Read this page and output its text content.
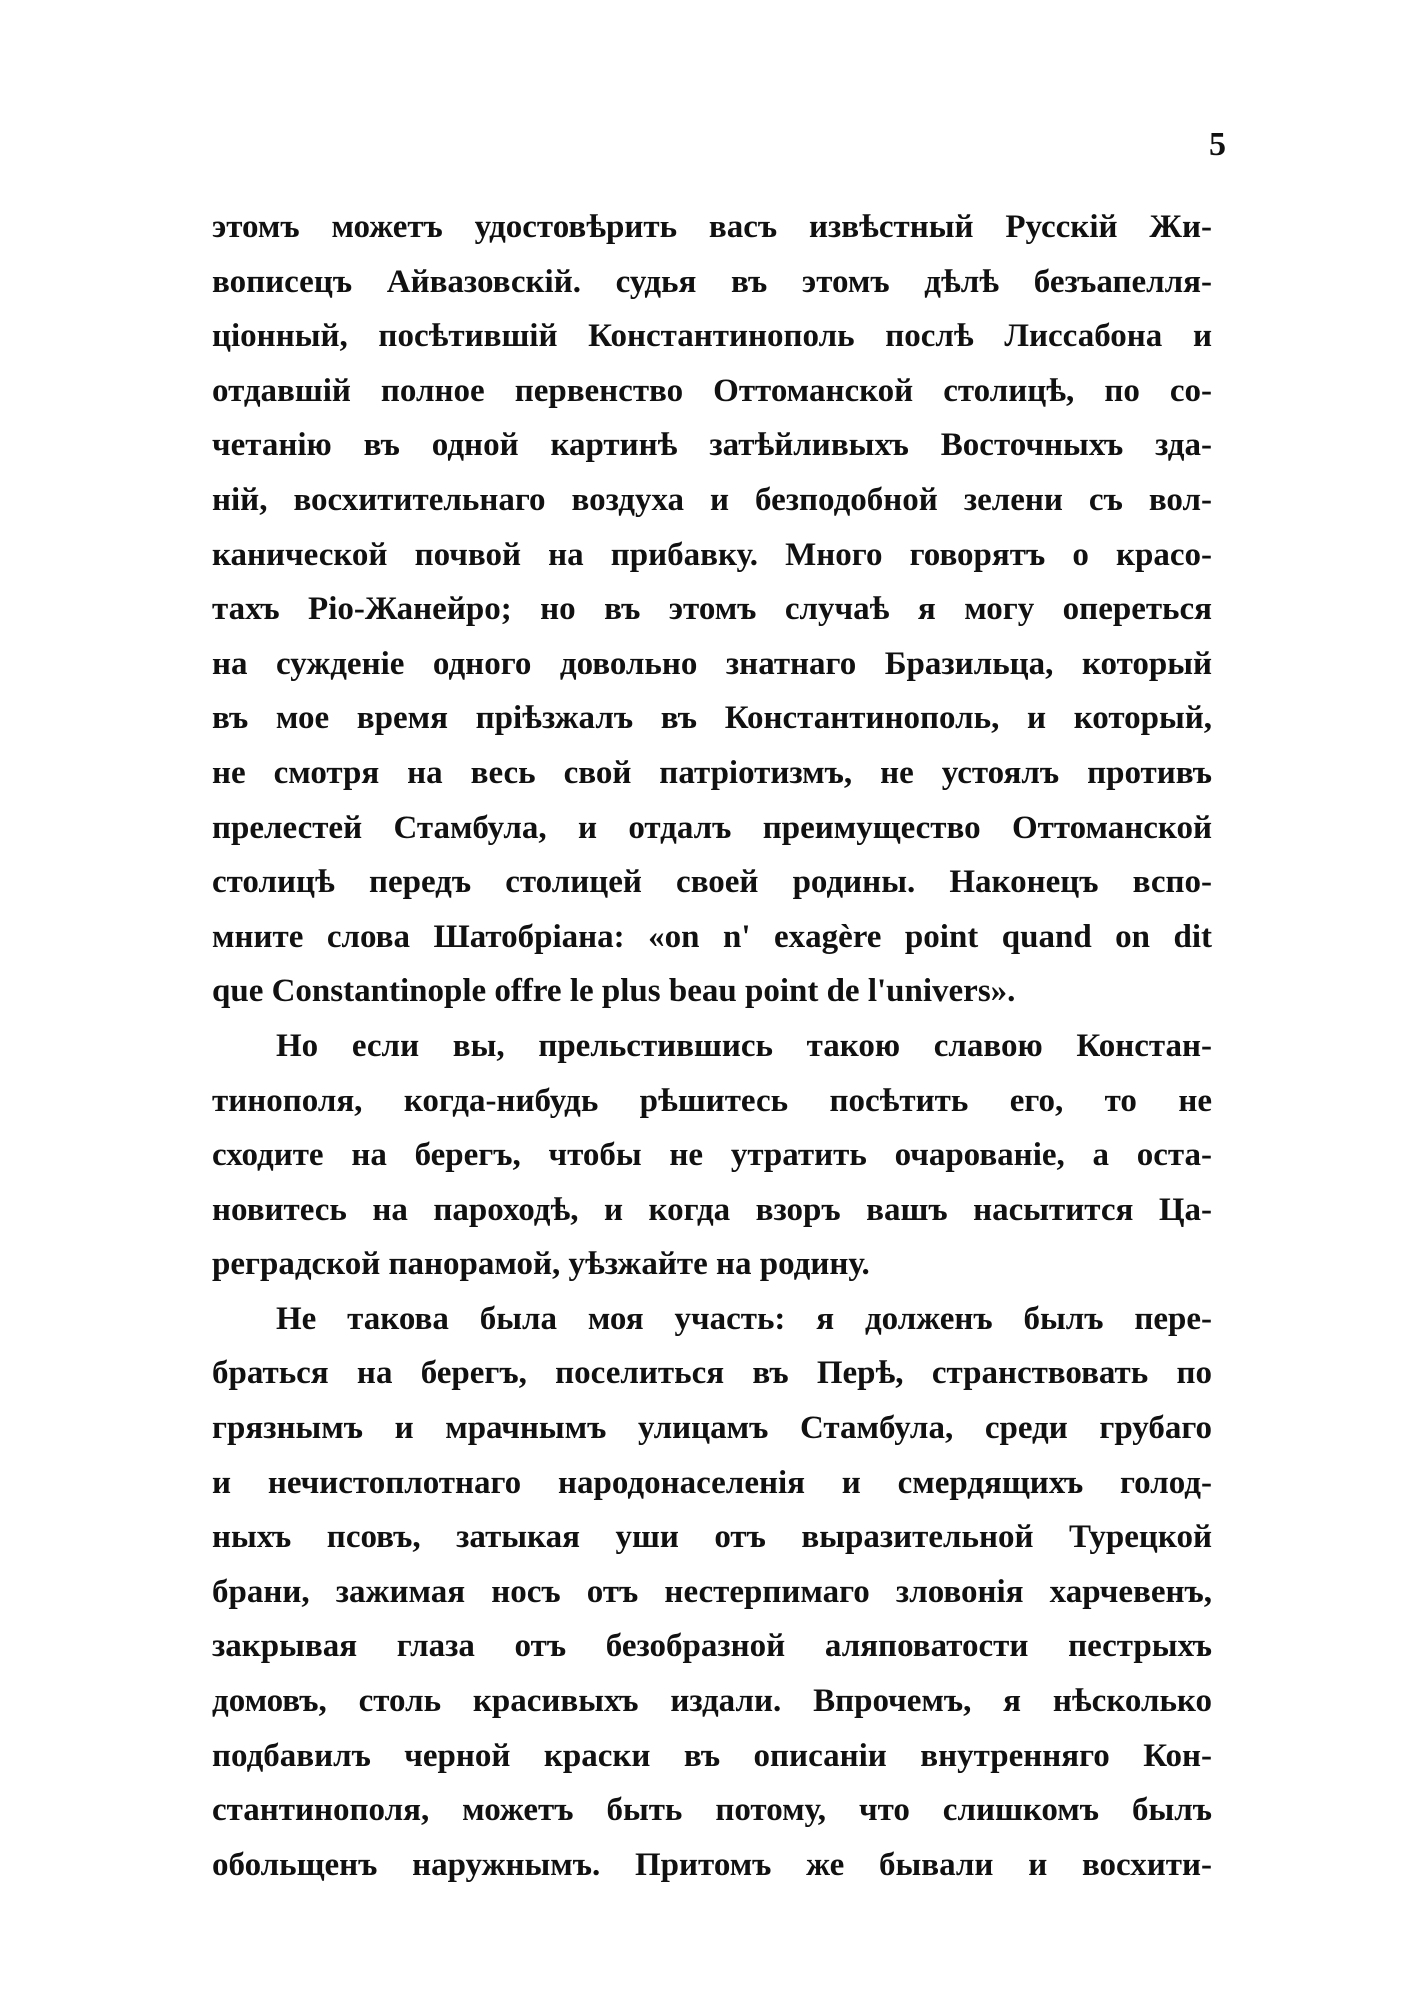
5
этомъ можетъ удостовѣрить васъ извѣстный Русскій Жи-
вописецъ Айвазовскій. судья въ этомъ дѣлѣ безъапелля-
ціонный, посѣтившій Константинополь послѣ Лиссабона и
отдавшій полное первенство Оттоманской столицѣ, по со-
четанію въ одной картинѣ затѣйливыхъ Восточныхъ зда-
ній, восхитительнаго воздуха и безподобной зелени съ вол-
канической почвой на прибавку. Много говорятъ о красо-
тахъ Ріо-Жанейро; но въ этомъ случаѣ я могу опереться
на сужденіе одного довольно знатнаго Бразильца, который
въ мое время пріѣзжалъ въ Константинополь, и который,
не смотря на весь свой патріотизмъ, не устоялъ противъ
прелестей Стамбула, и отдалъ преимущество Оттоманской
столицѣ передъ столицей своей родины. Наконецъ вспо-
мните слова Шатобріана: «on n' exagère point quand on dit
que Constantinople offre le plus beau point de l'univers».
Но если вы, прельстившись такою славою Констан-
тинополя, когда-нибудь рѣшитесь посѣтить его, то не
сходите на берегъ, чтобы не утратить очарованіе, а оста-
новитесь на пароходѣ, и когда взоръ вашъ насытится Ца-
реградской панорамой, уѣзжайте на родину.
Не такова была моя участь: я долженъ былъ пере-
браться на берегъ, поселиться въ Перѣ, странствовать по
грязнымъ и мрачнымъ улицамъ Стамбула, среди грубаго
и нечистоплотнаго народонаселенія и смердящихъ голод-
ныхъ псовъ, затыкая уши отъ выразительной Турецкой
брани, зажимая носъ отъ нестерпимаго зловонія харчевенъ,
закрывая глаза отъ безобразной аляповатости пестрыхъ
домовъ, столь красивыхъ издали. Впрочемъ, я нѣсколько
подбавилъ черной краски въ описаніи внутренняго Кон-
стантинополя, можетъ быть потому, что слишкомъ былъ
обольщенъ наружнымъ. Притомъ же бывали и восхити-
